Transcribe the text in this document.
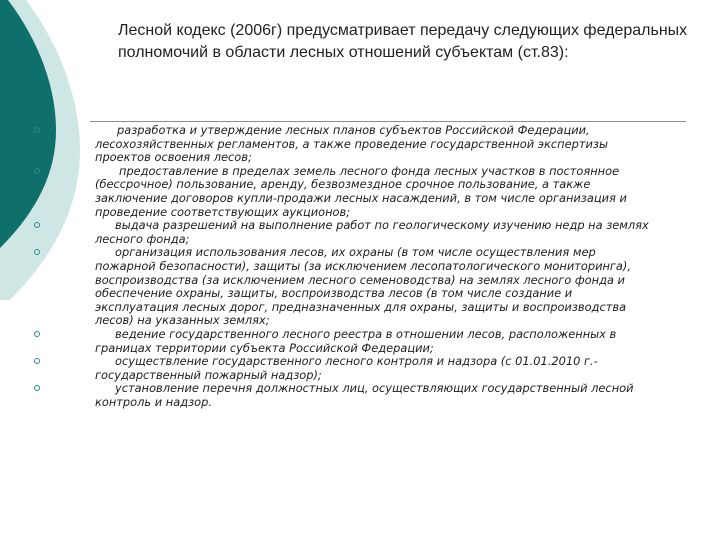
Лесной кодекс (2006г) предусматривает передачу следующих федеральных полномочий в области лесных отношений субъектам (ст.83):
разработка и утверждение лесных планов субъектов Российской Федерации, лесохозяйственных регламентов, а также проведение государственной экспертизы проектов освоения лесов;
предоставление в пределах земель лесного фонда лесных участков в постоянное (бессрочное) пользование, аренду, безвозмездное срочное пользование, а также заключение договоров купли-продажи лесных насаждений, в том числе организация и проведение соответствующих аукционов;
выдача разрешений на выполнение работ по геологическому изучению недр на землях лесного фонда;
организация использования лесов, их охраны (в том числе осуществления мер пожарной безопасности), защиты (за исключением лесопатологического мониторинга), воспроизводства (за исключением лесного семеноводства) на землях лесного фонда и обеспечение охраны, защиты, воспроизводства лесов (в том числе создание и эксплуатация лесных дорог, предназначенных для охраны, защиты и воспроизводства лесов) на указанных землях;
ведение государственного лесного реестра в отношении лесов, расположенных в границах территории субъекта Российской Федерации;
осуществление государственного лесного контроля и надзора (с 01.01.2010 г.-государственный пожарный надзор);
установление перечня должностных лиц, осуществляющих государственный лесной контроль и надзор.
